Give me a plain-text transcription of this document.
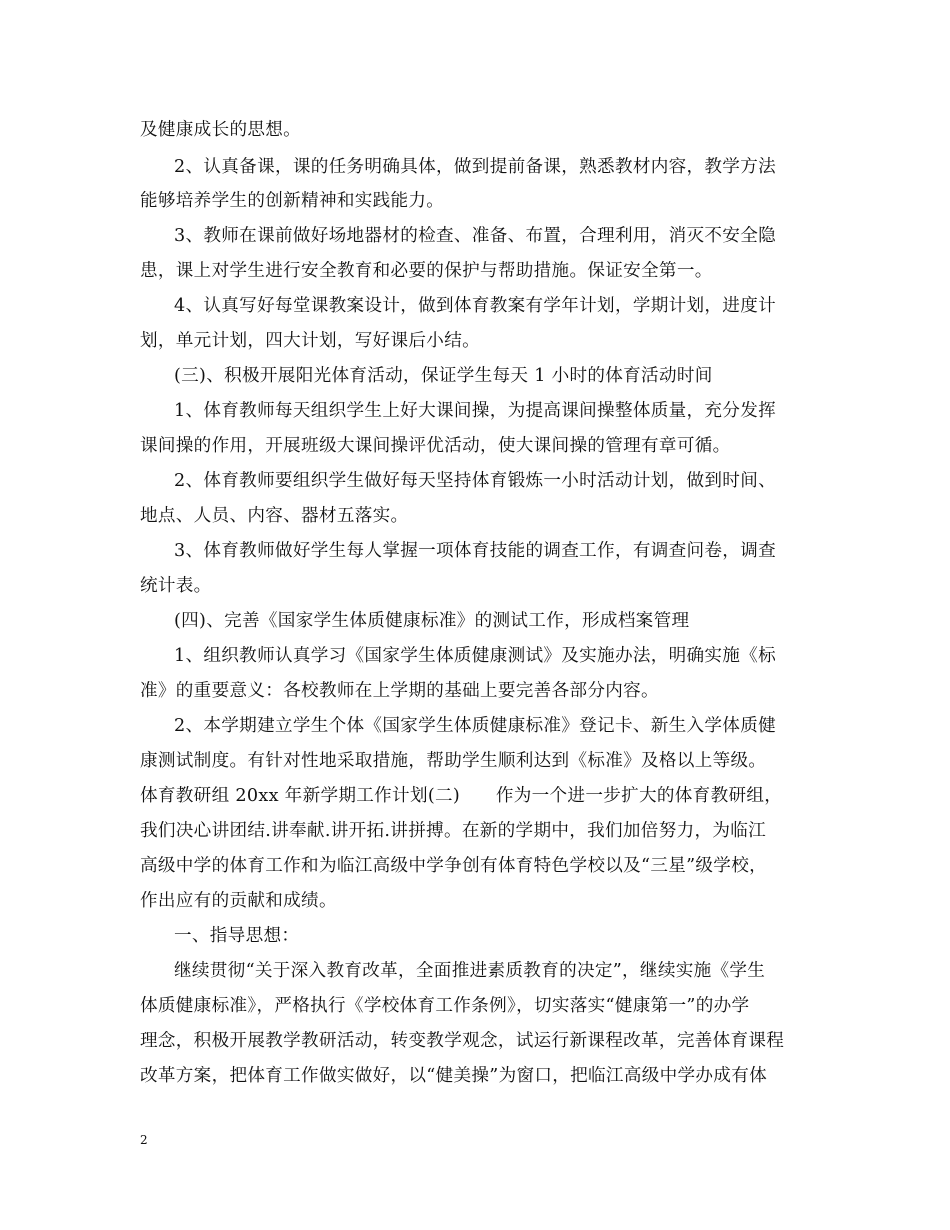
及健康成长的思想。
2、认真备课，课的任务明确具体，做到提前备课，熟悉教材内容，教学方法
能够培养学生的创新精神和实践能力。
3、教师在课前做好场地器材的检查、准备、布置，合理利用，消灭不安全隐
患，课上对学生进行安全教育和必要的保护与帮助措施。保证安全第一。
4、认真写好每堂课教案设计，做到体育教案有学年计划，学期计划，进度计
划，单元计划，四大计划，写好课后小结。
(三)、积极开展阳光体育活动，保证学生每天 1 小时的体育活动时间
1、体育教师每天组织学生上好大课间操，为提高课间操整体质量，充分发挥
课间操的作用，开展班级大课间操评优活动，使大课间操的管理有章可循。
2、体育教师要组织学生做好每天坚持体育锻炼一小时活动计划，做到时间、
地点、人员、内容、器材五落实。
3、体育教师做好学生每人掌握一项体育技能的调查工作，有调查问卷，调查
统计表。
(四)、完善《国家学生体质健康标准》的测试工作，形成档案管理
1、组织教师认真学习《国家学生体质健康测试》及实施办法，明确实施《标
准》的重要意义：各校教师在上学期的基础上要完善各部分内容。
2、本学期建立学生个体《国家学生体质健康标准》登记卡、新生入学体质健
康测试制度。有针对性地采取措施，帮助学生顺利达到《标准》及格以上等级。
体育教研组 20xx 年新学期工作计划(二)　　作为一个进一步扩大的体育教研组，
我们决心讲团结.讲奉献.讲开拓.讲拼搏。在新的学期中，我们加倍努力，为临江
高级中学的体育工作和为临江高级中学争创有体育特色学校以及“三星”级学校，
作出应有的贡献和成绩。
一、指导思想：
继续贯彻“关于深入教育改革，全面推进素质教育的决定”，继续实施《学生
体质健康标准》，严格执行《学校体育工作条例》，切实落实“健康第一”的办学
理念，积极开展教学教研活动，转变教学观念，试运行新课程改革，完善体育课程
改革方案，把体育工作做实做好，以“健美操”为窗口，把临江高级中学办成有体
2
